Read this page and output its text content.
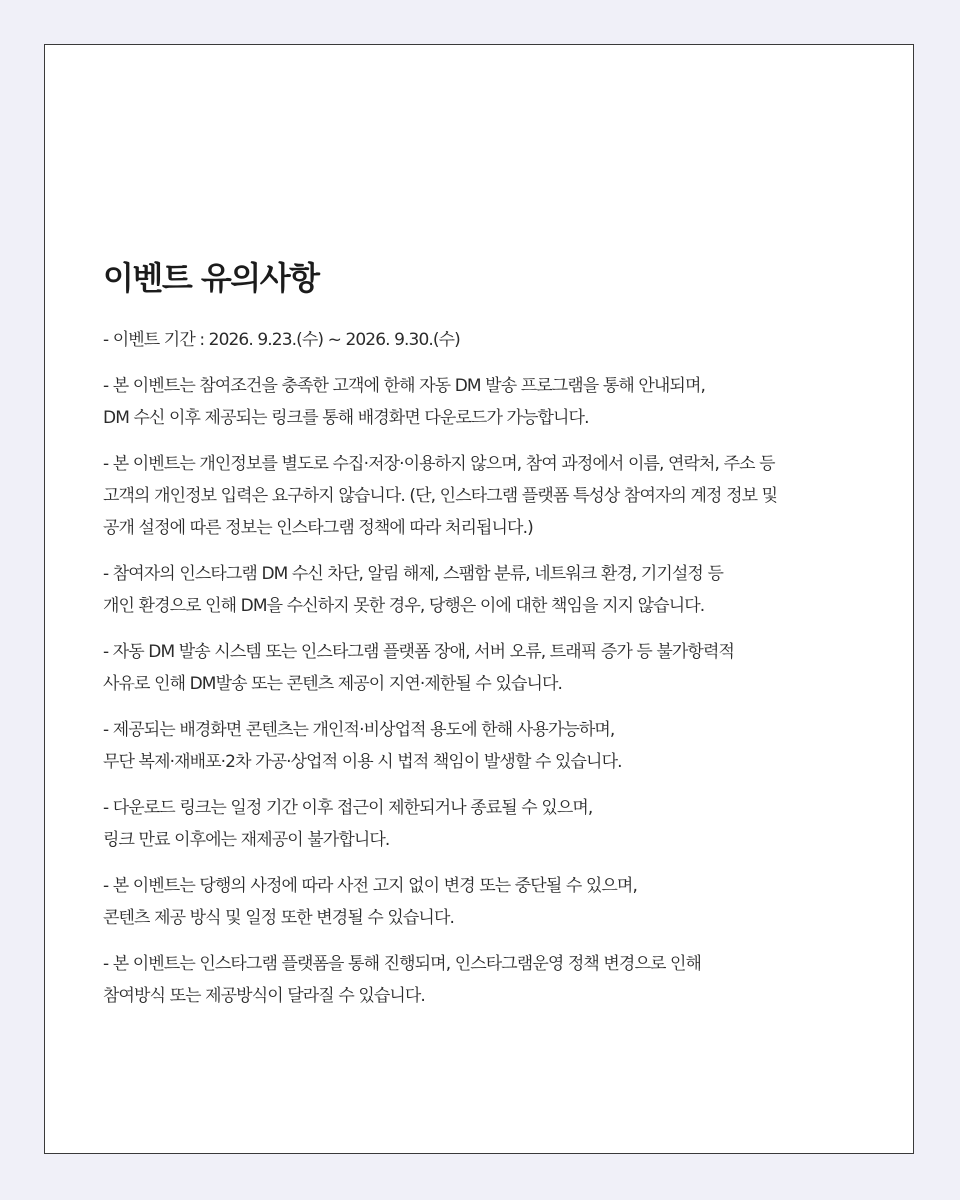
이벤트 유의사항
- 이벤트 기간 : 2026. 9.23.(수) ~ 2026. 9.30.(수)
- 본 이벤트는 참여조건을 충족한 고객에 한해 자동 DM 발송 프로그램을 통해 안내되며,
DM 수신 이후 제공되는 링크를 통해 배경화면 다운로드가 가능합니다.
- 본 이벤트는 개인정보를 별도로 수집·저장·이용하지 않으며, 참여 과정에서 이름, 연락처, 주소 등
고객의 개인정보 입력은 요구하지 않습니다. (단, 인스타그램 플랫폼 특성상 참여자의 계정 정보 및
공개 설정에 따른 정보는 인스타그램 정책에 따라 처리됩니다.)
- 참여자의 인스타그램 DM 수신 차단, 알림 해제, 스팸함 분류, 네트워크 환경, 기기설정 등
개인 환경으로 인해 DM을 수신하지 못한 경우, 당행은 이에 대한 책임을 지지 않습니다.
- 자동 DM 발송 시스템 또는 인스타그램 플랫폼 장애, 서버 오류, 트래픽 증가 등 불가항력적
사유로 인해 DM발송 또는 콘텐츠 제공이 지연·제한될 수 있습니다.
- 제공되는 배경화면 콘텐츠는 개인적·비상업적 용도에 한해 사용가능하며,
무단 복제·재배포·2차 가공·상업적 이용 시 법적 책임이 발생할 수 있습니다.
- 다운로드 링크는 일정 기간 이후 접근이 제한되거나 종료될 수 있으며,
링크 만료 이후에는 재제공이 불가합니다.
- 본 이벤트는 당행의 사정에 따라 사전 고지 없이 변경 또는 중단될 수 있으며,
콘텐츠 제공 방식 및 일정 또한 변경될 수 있습니다.
- 본 이벤트는 인스타그램 플랫폼을 통해 진행되며, 인스타그램운영 정책 변경으로 인해
참여방식 또는 제공방식이 달라질 수 있습니다.
